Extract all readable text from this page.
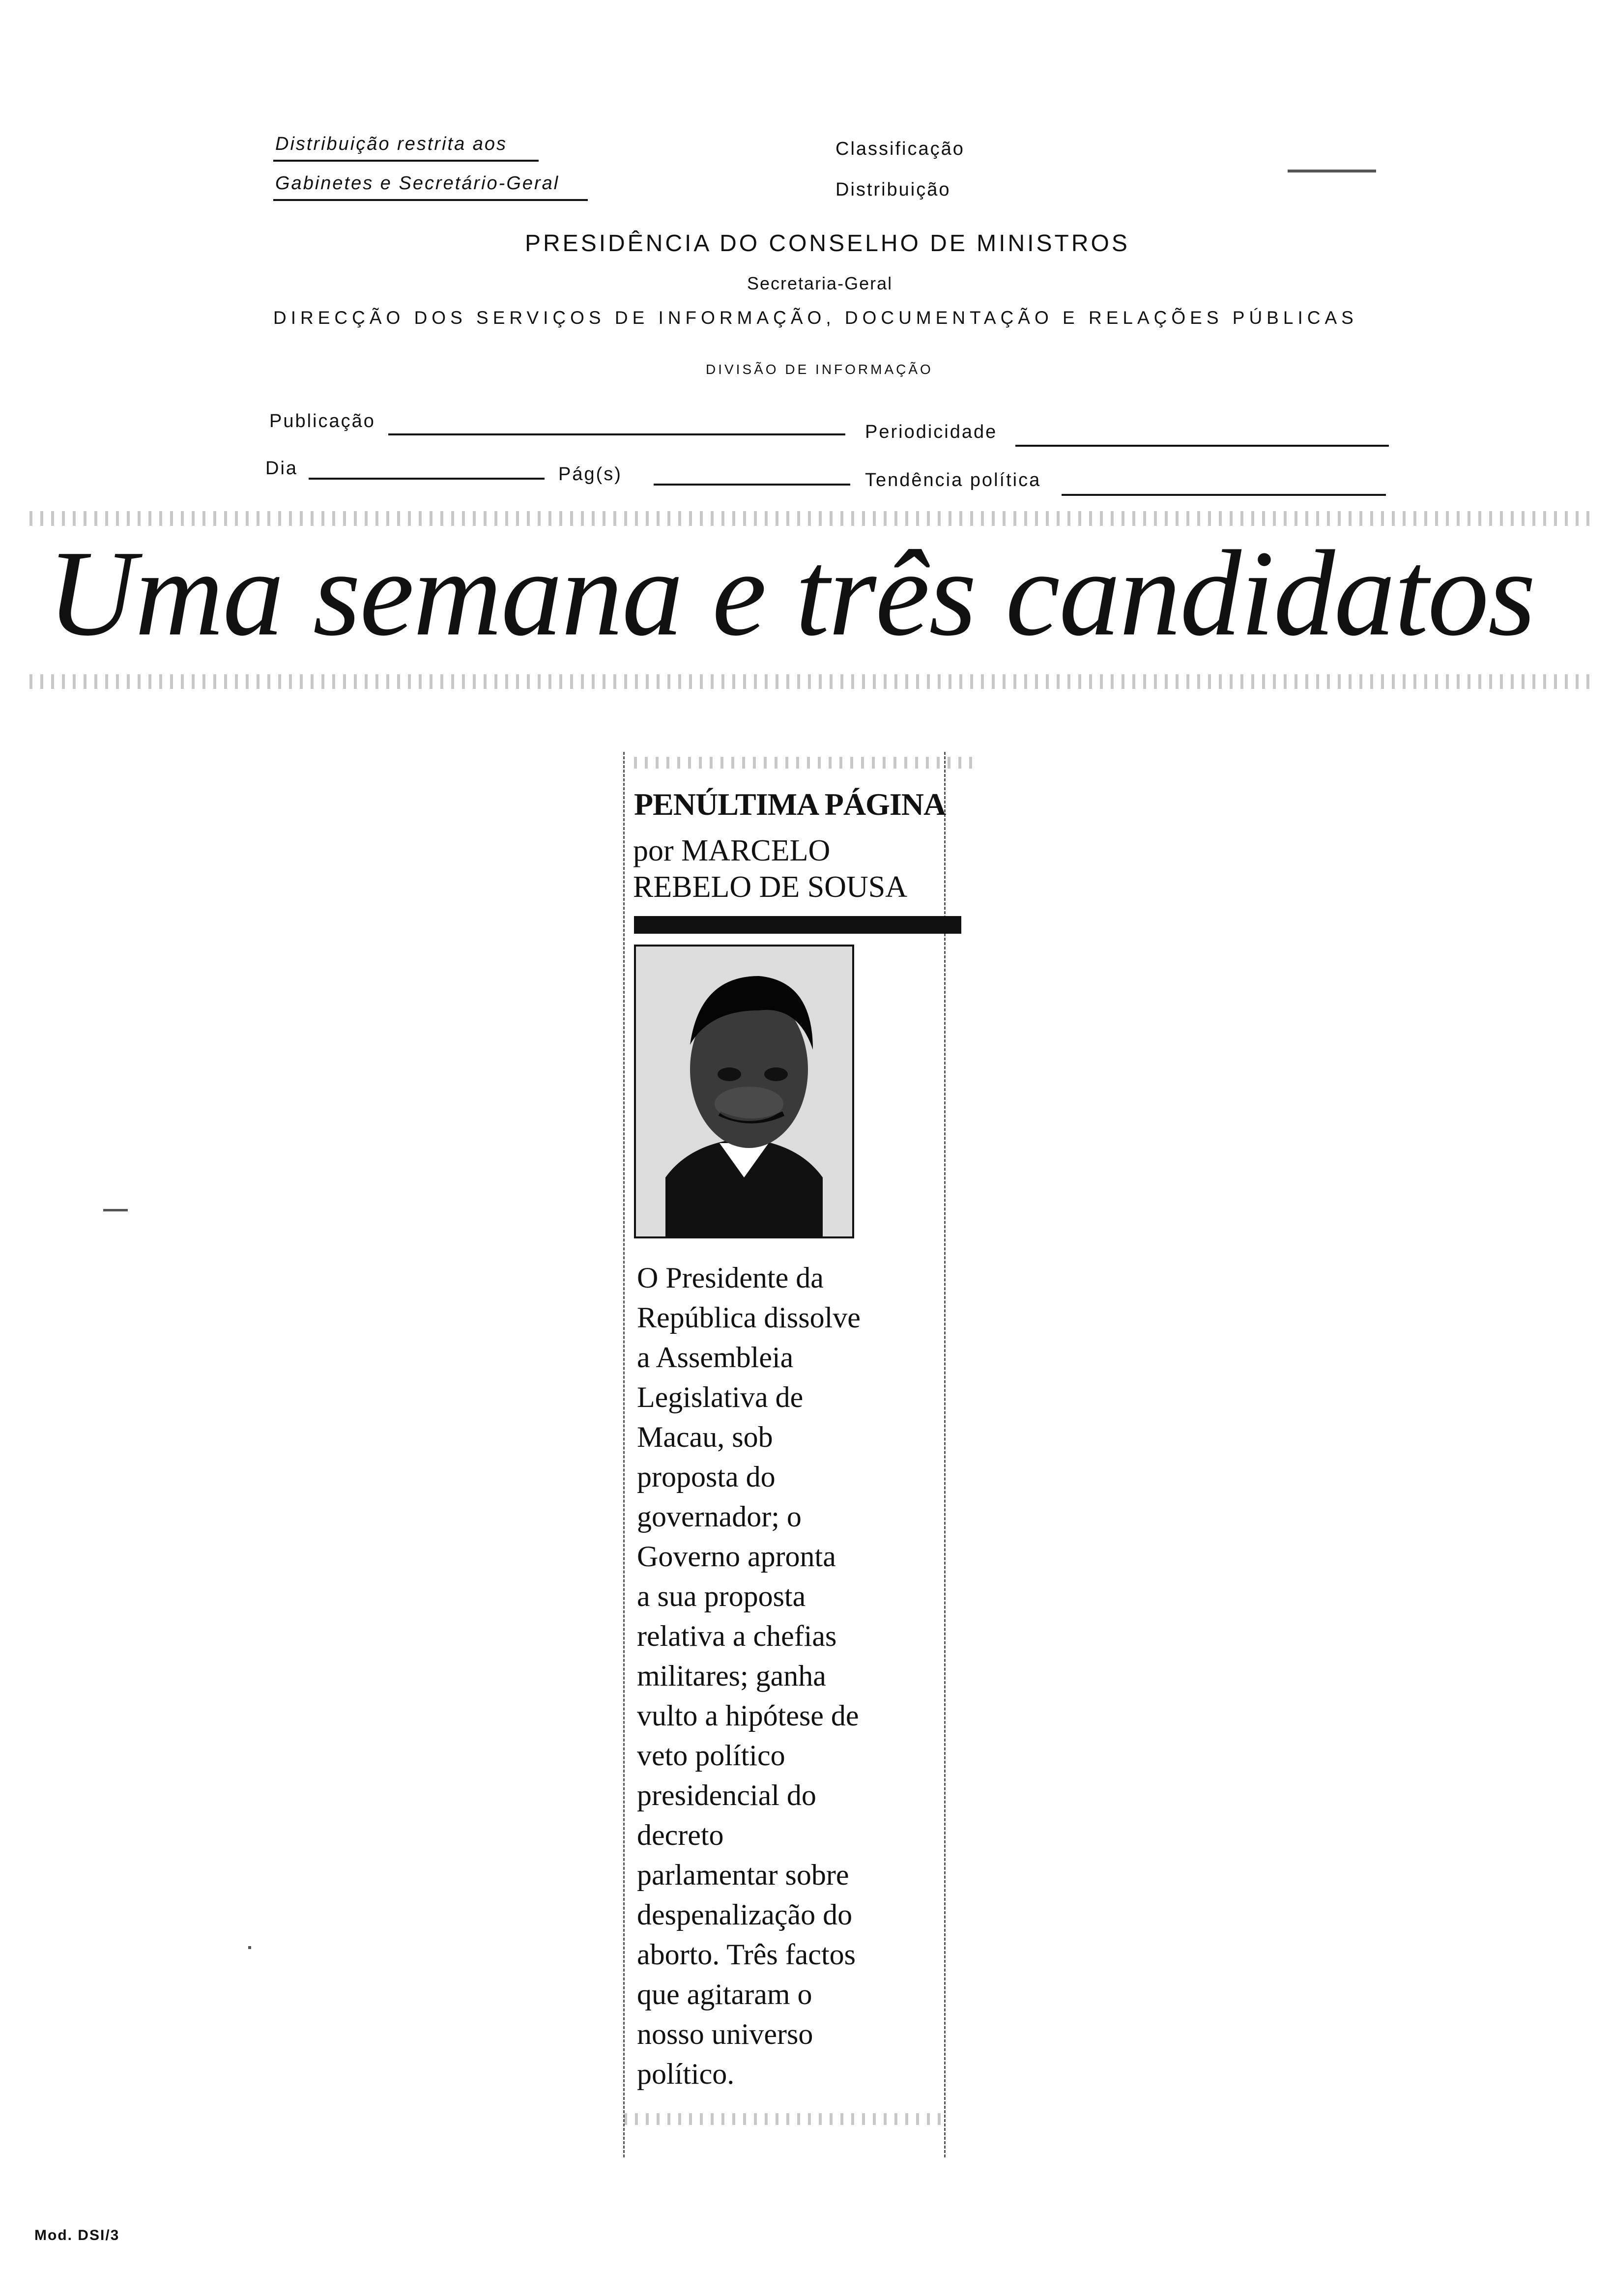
Distribuição restrita aos
Gabinetes e Secretário-Geral
Classificação
Distribuição
PRESIDÊNCIA DO CONSELHO DE MINISTROS
Secretaria-Geral
DIRECÇÃO DOS SERVIÇOS DE INFORMAÇÃO, DOCUMENTAÇÃO E RELAÇÕES PÚBLICAS
DIVISÃO DE INFORMAÇÃO
Publicação
Periodicidade
Dia	Pág(s)	Tendência política
Uma semana e três candidatos
PENÚLTIMA PÁGINA
por MARCELO
REBELO DE SOUSA

O Presidente da

República dissolve

a Assembleia

Legislativa de

Macau, sob

proposta do

governador; o

Governo apronta

a sua proposta

relativa a chefias

militares; ganha

vulto a hipótese de

veto político

presidencial do

decreto

parlamentar sobre

despenalização do

aborto. Três factos

que agitaram o

nosso universo

político.

Mod. DSI/3
